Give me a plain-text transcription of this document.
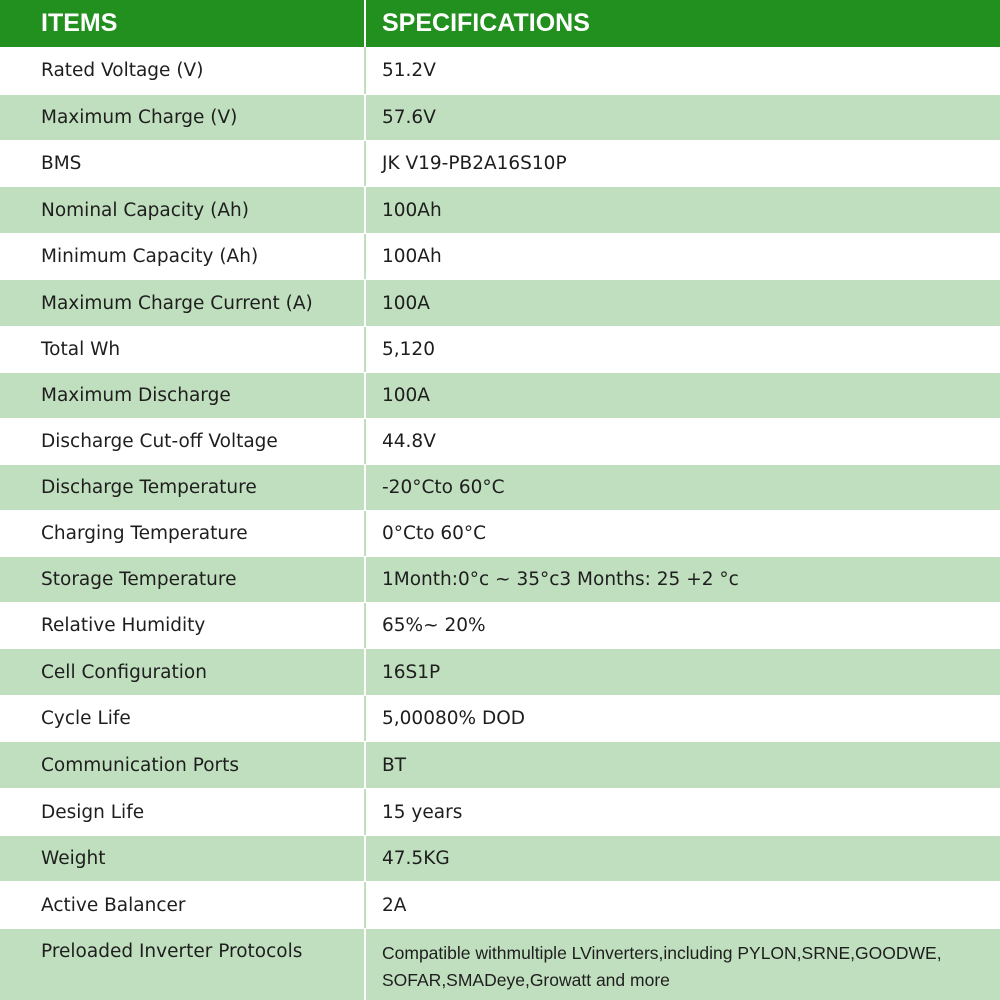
ITEMS	SPECIFICATIONS
Rated Voltage (V)	51.2V
Maximum Charge (V)	57.6V
BMS	JK V19-PB2A16S10P
Nominal Capacity (Ah)	100Ah
Minimum Capacity (Ah)	100Ah
Maximum Charge Current (A)	100A
Total Wh	5,120
Maximum Discharge	100A
Discharge Cut-off Voltage	44.8V
Discharge Temperature	-20°Cto 60°C
Charging Temperature	0°Cto 60°C
Storage Temperature	1Month:0°c ~ 35°c3 Months: 25 +2 °c
Relative Humidity	65%~ 20%
Cell Configuration	16S1P
Cycle Life	5,00080% DOD
Communication Ports	BT
Design Life	15 years
Weight	47.5KG
Active Balancer	2A
Preloaded Inverter Protocols	Compatible withmultiple LVinverters,including PYLON,SRNE,GOODWE, SOFAR,SMADeye,Growatt and more
